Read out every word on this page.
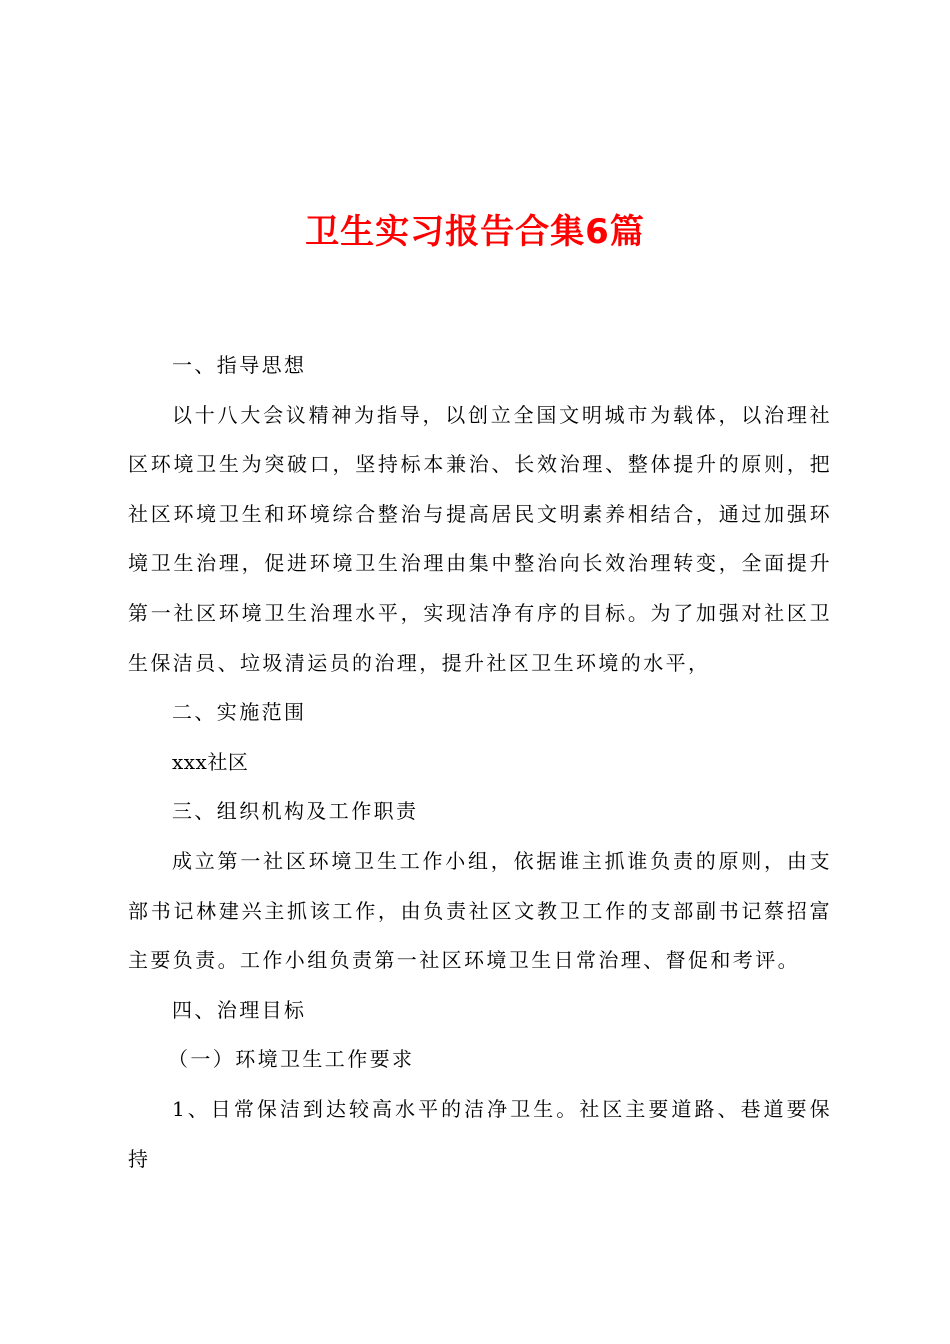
卫生实习报告合集6篇

一、指导思想

以十八大会议精神为指导，以创立全国文明城市为载体，以治理社区环境卫生为突破口，坚持标本兼治、长效治理、整体提升的原则，把社区环境卫生和环境综合整治与提高居民文明素养相结合，通过加强环境卫生治理，促进环境卫生治理由集中整治向长效治理转变，全面提升第一社区环境卫生治理水平，实现洁净有序的目标。为了加强对社区卫生保洁员、垃圾清运员的治理，提升社区卫生环境的水平，

二、实施范围

xxx社区

三、组织机构及工作职责

成立第一社区环境卫生工作小组，依据谁主抓谁负责的原则，由支部书记林建兴主抓该工作，由负责社区文教卫工作的支部副书记蔡招富主要负责。工作小组负责第一社区环境卫生日常治理、督促和考评。

四、治理目标

（一）环境卫生工作要求

1、日常保洁到达较高水平的洁净卫生。社区主要道路、巷道要保持
